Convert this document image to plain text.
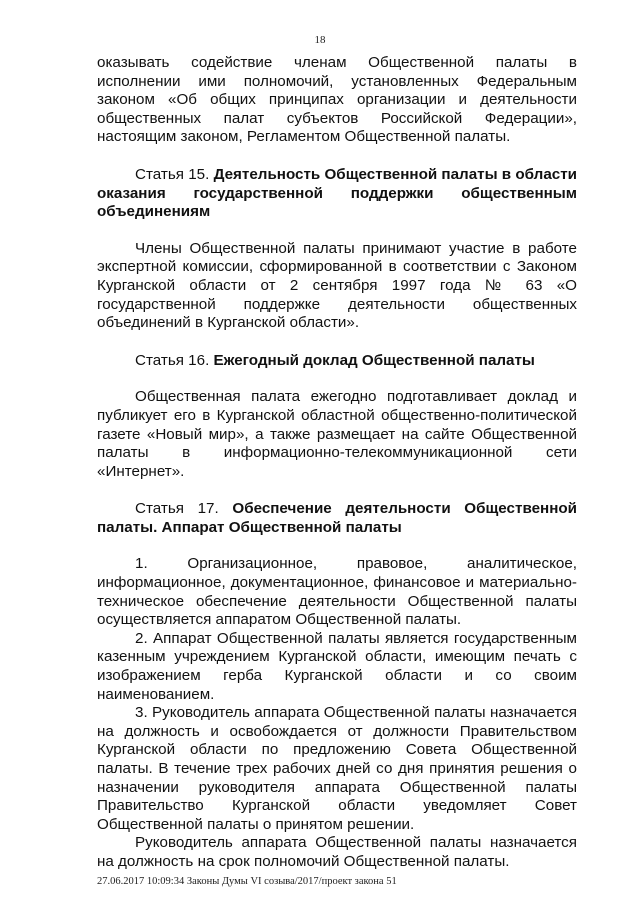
18

оказывать содействие членам Общественной палаты в исполнении ими полномочий, установленных Федеральным законом «Об общих принципах организации и деятельности общественных палат субъектов Российской Федерации», настоящим законом, Регламентом Общественной палаты.

Статья 15. Деятельность Общественной палаты в области оказания государственной поддержки общественным объединениям

Члены Общественной палаты принимают участие в работе экспертной комиссии, сформированной в соответствии с Законом Курганской области от 2 сентября 1997 года № 63 «О государственной поддержке деятельности общественных объединений в Курганской области».

Статья 16. Ежегодный доклад Общественной палаты

Общественная палата ежегодно подготавливает доклад и публикует его в Курганской областной общественно-политической газете «Новый мир», а также размещает на сайте Общественной палаты в информационно-телекоммуникационной сети «Интернет».

Статья 17. Обеспечение деятельности Общественной палаты. Аппарат Общественной палаты

1. Организационное, правовое, аналитическое, информационное, документационное, финансовое и материально-техническое обеспечение деятельности Общественной палаты осуществляется аппаратом Общественной палаты.

2. Аппарат Общественной палаты является государственным казенным учреждением Курганской области, имеющим печать с изображением герба Курганской области и со своим наименованием.

3. Руководитель аппарата Общественной палаты назначается на должность и освобождается от должности Правительством Курганской области по предложению Совета Общественной палаты. В течение трех рабочих дней со дня принятия решения о назначении руководителя аппарата Общественной палаты Правительство Курганской области уведомляет Совет Общественной палаты о принятом решении.

Руководитель аппарата Общественной палаты назначается на должность на срок полномочий Общественной палаты.

27.06.2017 10:09:34 Законы Думы VI созыва/2017/проект закона 51
